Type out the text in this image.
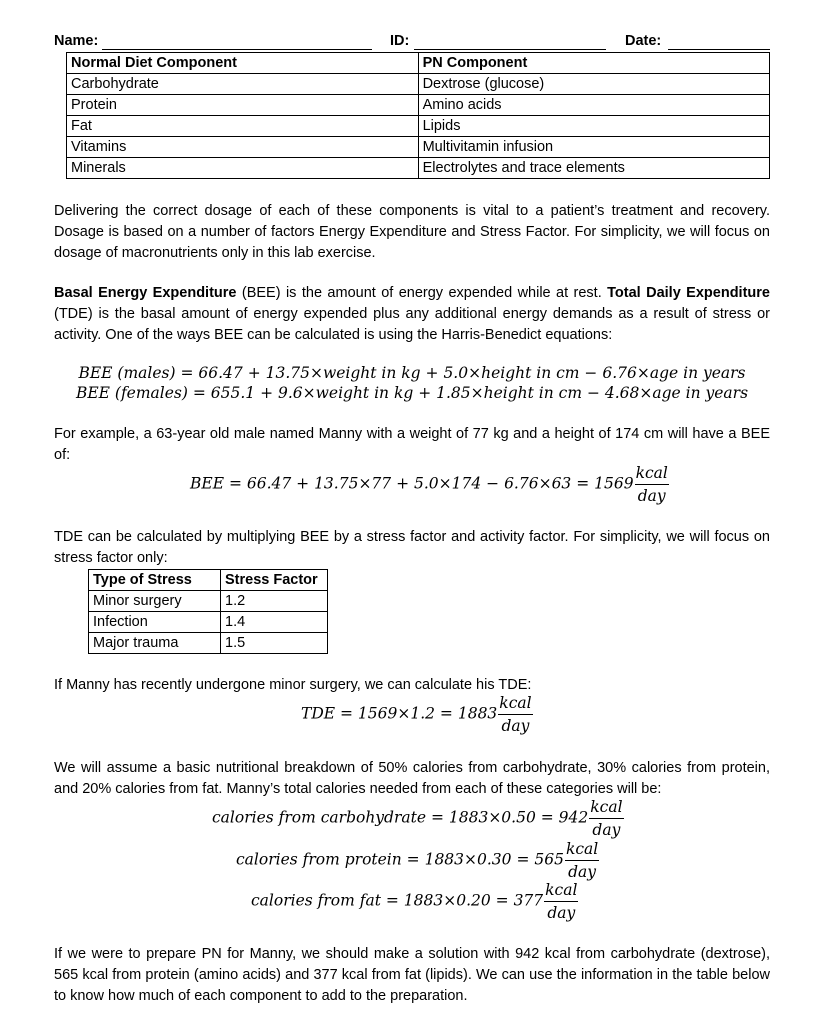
Name:	ID:	Date:
Normal Diet Component	PN Component
Carbohydrate	Dextrose (glucose)
Protein	Amino acids
Fat	Lipids
Vitamins	Multivitamin infusion
Minerals	Electrolytes and trace elements

Delivering the correct dosage of each of these components is vital to a patient’s treatment and recovery. Dosage is based on a number of factors Energy Expenditure and Stress Factor. For simplicity, we will focus on dosage of macronutrients only in this lab exercise.

Basal Energy Expenditure (BEE) is the amount of energy expended while at rest. Total Daily Expenditure (TDE) is the basal amount of energy expended plus any additional energy demands as a result of stress or activity. One of the ways BEE can be calculated is using the Harris-Benedict equations:

BEE (males) = 66.47 + 13.75×weight in kg + 5.0×height in cm − 6.76×age in years
BEE (females) = 655.1 + 9.6×weight in kg + 1.85×height in cm − 4.68×age in years

For example, a 63-year old male named Manny with a weight of 77 kg and a height of 174 cm will have a BEE of:

BEE = $66.47 + 13.75\times 77 + 5.0\times 174 - 6.76\times 63 = 1569 \frac{\text{kcal}}{\text{day}}$

TDE can be calculated by multiplying BEE by a stress factor and activity factor. For simplicity, we will focus on stress factor only:

Type of Stress	Stress Factor
Minor surgery	1.2
Infection	1.4
Major trauma	1.5

If Manny has recently undergone minor surgery, we can calculate his TDE:

TDE = $1569\times 1.2 = 1883 \frac{\text{kcal}}{\text{day}}$

We will assume a basic nutritional breakdown of 50% calories from carbohydrate, 30% calories from protein, and 20% calories from fat. Manny’s total calories needed from each of these categories will be:

calories from carbohydrate = $1883\times 0.50 = 942 \frac{\text{kcal}}{\text{day}}$
calories from protein = $1883\times 0.30 = 565 \frac{\text{kcal}}{\text{day}}$
calories from fat = $1883\times 0.20 = 377 \frac{\text{kcal}}{\text{day}}$

If we were to prepare PN for Manny, we should make a solution with 942 kcal from carbohydrate (dextrose), 565 kcal from protein (amino acids) and 377 kcal from fat (lipids). We can use the information in the table below to know how much of each component to add to the preparation.
